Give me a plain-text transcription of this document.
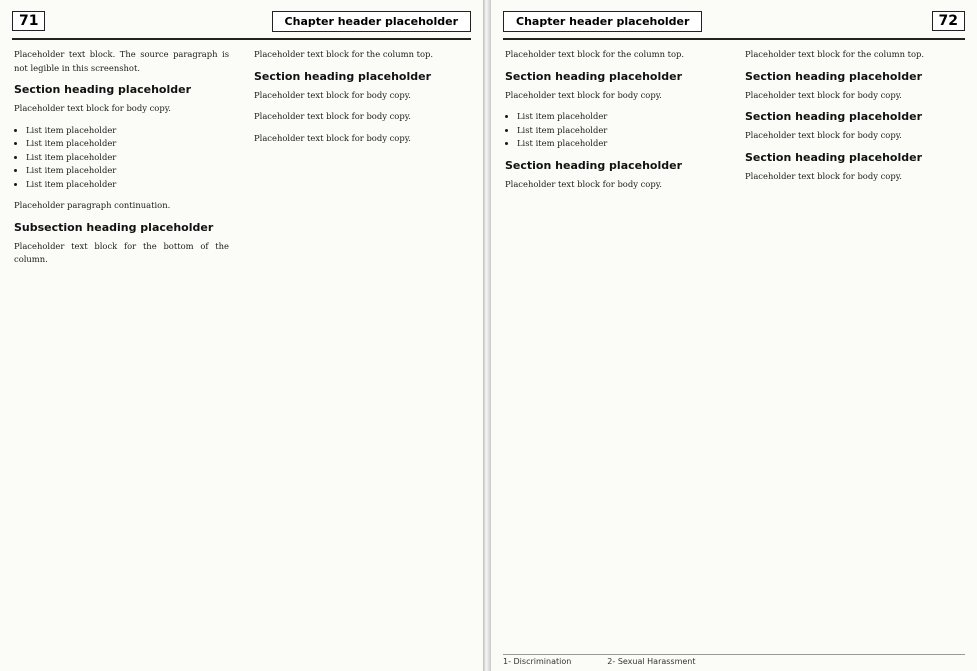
71	Chapter header placeholder

Placeholder text block. The source paragraph is not legible in this screenshot.

Section heading placeholder

Placeholder text block for body copy.

• List item placeholder
• List item placeholder
• List item placeholder
• List item placeholder
• List item placeholder

Placeholder paragraph continuation.

Subsection heading placeholder

Placeholder text block for the bottom of the column.

Placeholder text block for the column top.

Section heading placeholder

Placeholder text block for body copy.

Placeholder text block for body copy.

Placeholder text block for body copy.

Chapter header placeholder	72

Placeholder text block for the column top.

Section heading placeholder

Placeholder text block for body copy.

• List item placeholder
• List item placeholder
• List item placeholder
Section heading placeholder

Placeholder text block for body copy.

Placeholder text block for the column top.

Section heading placeholder

Placeholder text block for body copy.

Section heading placeholder

Placeholder text block for body copy.

Section heading placeholder

Placeholder text block for body copy.

1- Discrimination	2- Sexual Harassment
